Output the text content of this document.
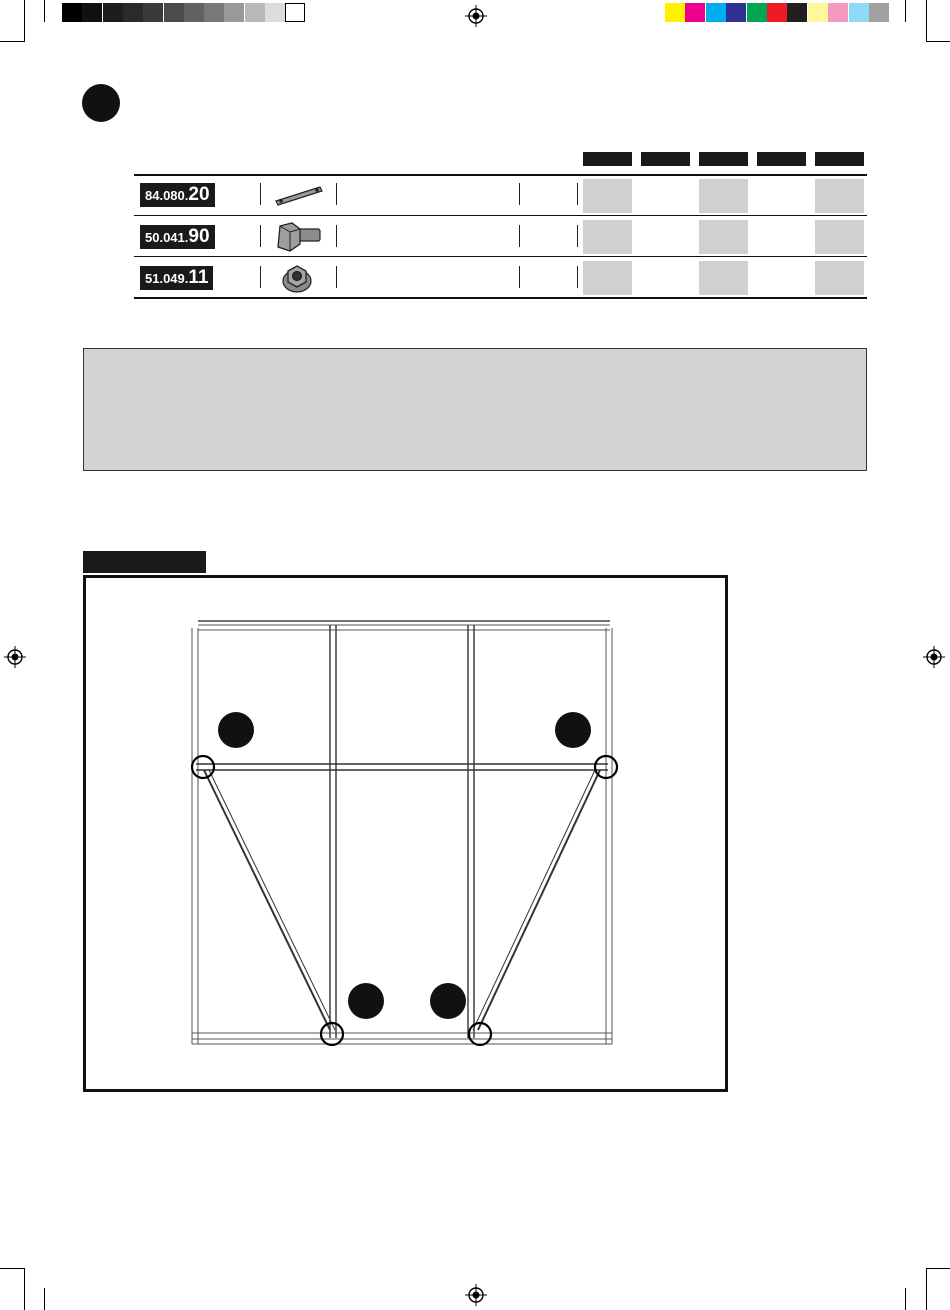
84.080. 20
50.041. 90
51.049. 11
